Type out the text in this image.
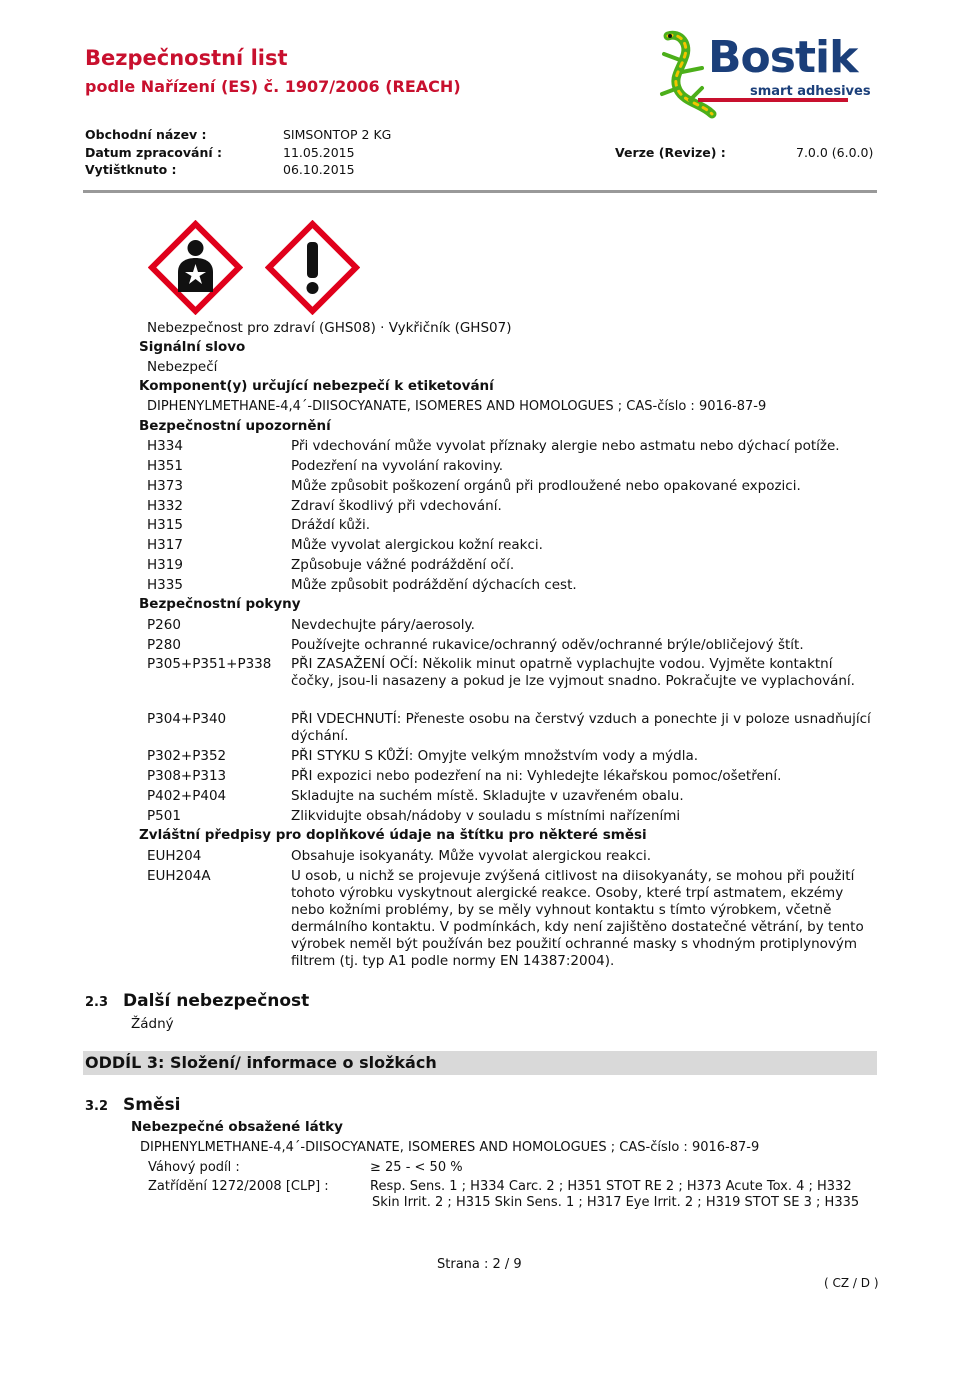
Bezpečnostní list
podle Nařízení (ES) č. 1907/2006 (REACH)
Bostik
smart adhesives
Obchodní název :	SIMSONTOP 2 KG
Datum zpracování :	11.05.2015	Verze (Revize) :	7.0.0 (6.0.0)
Vytištknuto :	06.10.2015
Nebezpečnost pro zdraví (GHS08) · Vykřičník (GHS07)
Signální slovo
Nebezpečí
Komponent(y) určující nebezpečí k etiketování
DIPHENYLMETHANE-4,4´-DIISOCYANATE, ISOMERES AND HOMOLOGUES ; CAS-číslo : 9016-87-9
Bezpečnostní upozornění
H334	Při vdechování může vyvolat příznaky alergie nebo astmatu nebo dýchací potíže.
H351	Podezření na vyvolání rakoviny.
H373	Může způsobit poškození orgánů při prodloužené nebo opakované expozici.
H332	Zdraví škodlivý při vdechování.
H315	Dráždí kůži.
H317	Může vyvolat alergickou kožní reakci.
H319	Způsobuje vážné podráždění očí.
H335	Může způsobit podráždění dýchacích cest.
Bezpečnostní pokyny
P260	Nevdechujte páry/aerosoly.
P280	Používejte ochranné rukavice/ochranný oděv/ochranné brýle/obličejový štít.
P305+P351+P338 PŘI ZASAŽENÍ OČÍ: Několik minut opatrně vyplachujte vodou. Vyjměte kontaktní čočky, jsou-li nasazeny a pokud je lze vyjmout snadno. Pokračujte ve vyplachování.
P304+P340	PŘI VDECHNUTÍ: Přeneste osobu na čerstvý vzduch a ponechte ji v poloze usnadňující dýchání.
P302+P352	PŘI STYKU S KŮŽÍ: Omyjte velkým množstvím vody a mýdla.
P308+P313	PŘI expozici nebo podezření na ni: Vyhledejte lékařskou pomoc/ošetření.
P402+P404	Skladujte na suchém místě. Skladujte v uzavřeném obalu.
P501	Zlikvidujte obsah/nádoby v souladu s místními nařízeními
Zvláštní předpisy pro doplňkové údaje na štítku pro některé směsi
EUH204	Obsahuje isokyanáty. Může vyvolat alergickou reakci.
EUH204A	U osob, u nichž se projevuje zvýšená citlivost na diisokyanáty, se mohou při použití tohoto výrobku vyskytnout alergické reakce. Osoby, které trpí astmatem, ekzémy nebo kožními problémy, by se měly vyhnout kontaktu s tímto výrobkem, včetně dermálního kontaktu. V podmínkách, kdy není zajištěno dostatečné větrání, by tento výrobek neměl být používán bez použití ochranné masky s vhodným protiplynovým filtrem (tj. typ A1 podle normy EN 14387:2004).
2.3 Další nebezpečnost
Žádný
ODDÍL 3: Složení/ informace o složkách
3.2 Směsi
Nebezpečné obsažené látky
DIPHENYLMETHANE-4,4´-DIISOCYANATE, ISOMERES AND HOMOLOGUES ; CAS-číslo : 9016-87-9
Váhový podíl :	≥ 25 - < 50 %
Zatřídění 1272/2008 [CLP] :	Resp. Sens. 1 ; H334 Carc. 2 ; H351 STOT RE 2 ; H373 Acute Tox. 4 ; H332
Skin Irrit. 2 ; H315 Skin Sens. 1 ; H317 Eye Irrit. 2 ; H319 STOT SE 3 ; H335
Strana : 2 / 9
( CZ / D )
